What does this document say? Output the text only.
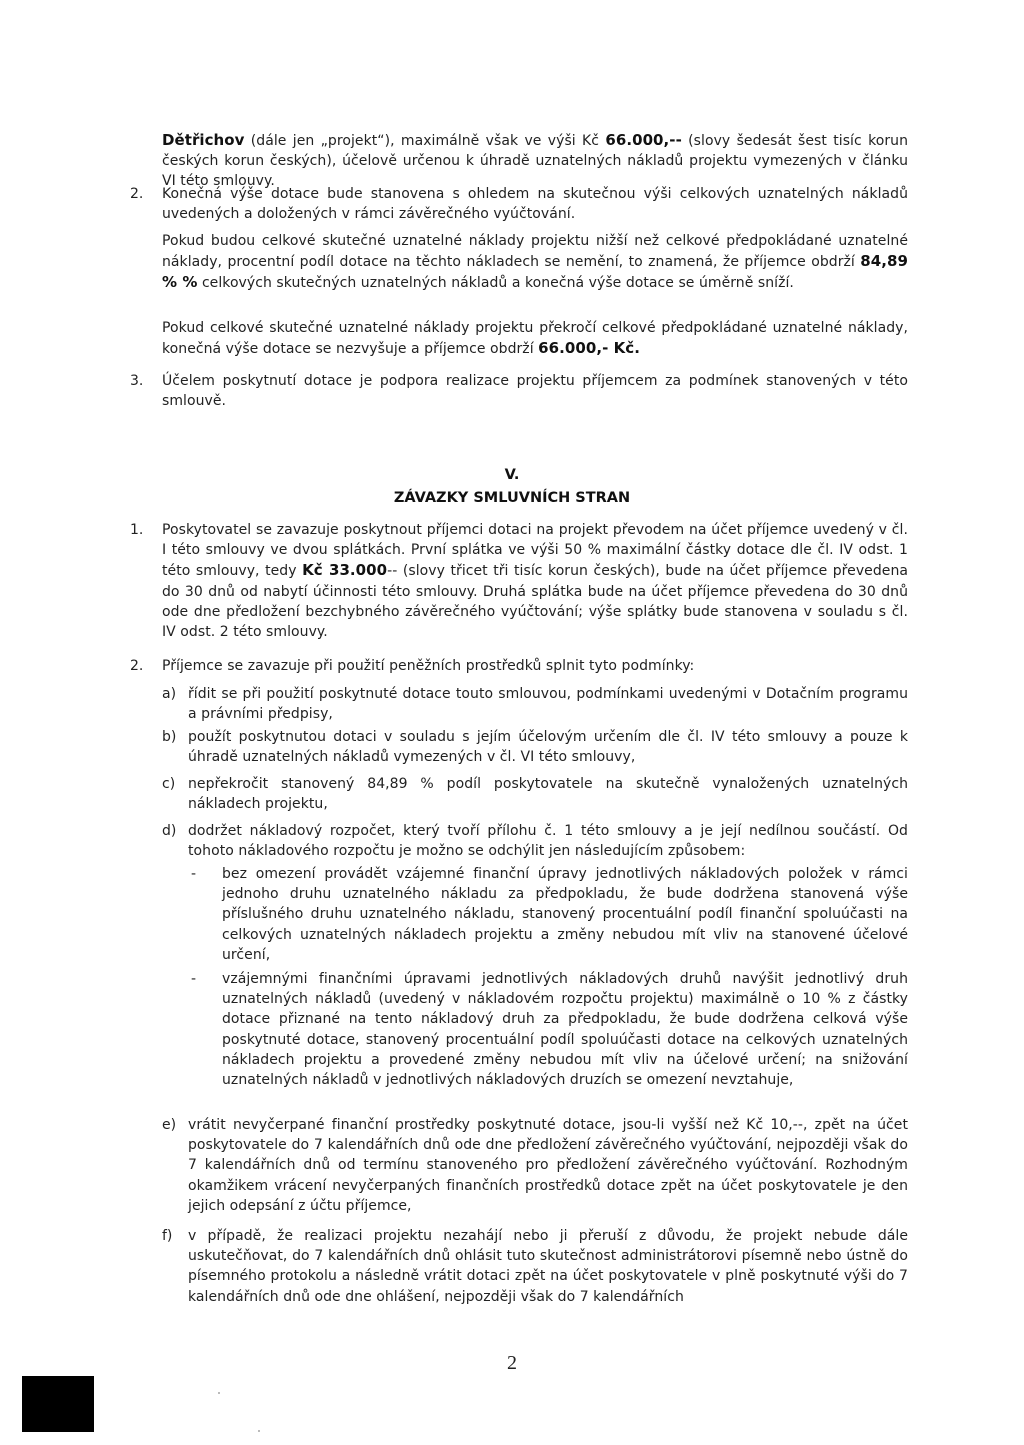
Dětřichov (dále jen „projekt“), maximálně však ve výši Kč 66.000,-- (slovy šedesát šest tisíc korun českých korun českých), účelově určenou k úhradě uznatelných nákladů projektu vymezených v článku VI této smlouvy.

2. Konečná výše dotace bude stanovena s ohledem na skutečnou výši celkových uznatelných nákladů uvedených a doložených v rámci závěrečného vyúčtování.

Pokud budou celkové skutečné uznatelné náklady projektu nižší než celkové předpokládané uznatelné náklady, procentní podíl dotace na těchto nákladech se nemění, to znamená, že příjemce obdrží 84,89 % % celkových skutečných uznatelných nákladů a konečná výše dotace se úměrně sníží.

Pokud celkové skutečné uznatelné náklady projektu překročí celkové předpokládané uznatelné náklady, konečná výše dotace se nezvyšuje a příjemce obdrží 66.000,- Kč.

3. Účelem poskytnutí dotace je podpora realizace projektu příjemcem za podmínek stanovených v této smlouvě.

V.
ZÁVAZKY SMLUVNÍCH STRAN
1. Poskytovatel se zavazuje poskytnout příjemci dotaci na projekt převodem na účet příjemce uvedený v čl. I této smlouvy ve dvou splátkách. První splátka ve výši 50 % maximální částky dotace dle čl. IV odst. 1 této smlouvy, tedy Kč 33.000-- (slovy třicet tři tisíc korun českých), bude na účet příjemce převedena do 30 dnů od nabytí účinnosti této smlouvy. Druhá splátka bude na účet příjemce převedena do 30 dnů ode dne předložení bezchybného závěrečného vyúčtování; výše splátky bude stanovena v souladu s čl. IV odst. 2 této smlouvy.

2. Příjemce se zavazuje při použití peněžních prostředků splnit tyto podmínky:

a) řídit se při použití poskytnuté dotace touto smlouvou, podmínkami uvedenými v Dotačním programu a právními předpisy,

b) použít poskytnutou dotaci v souladu s jejím účelovým určením dle čl. IV této smlouvy a pouze k úhradě uznatelných nákladů vymezených v čl. VI této smlouvy,

c) nepřekročit stanovený 84,89 % podíl poskytovatele na skutečně vynaložených uznatelných nákladech projektu,

d) dodržet nákladový rozpočet, který tvoří přílohu č. 1 této smlouvy a je její nedílnou součástí. Od tohoto nákladového rozpočtu je možno se odchýlit jen následujícím způsobem:

- bez omezení provádět vzájemné finanční úpravy jednotlivých nákladových položek v rámci jednoho druhu uznatelného nákladu za předpokladu, že bude dodržena stanovená výše příslušného druhu uznatelného nákladu, stanovený procentuální podíl finanční spoluúčasti na celkových uznatelných nákladech projektu a změny nebudou mít vliv na stanovené účelové určení,

- vzájemnými finančními úpravami jednotlivých nákladových druhů navýšit jednotlivý druh uznatelných nákladů (uvedený v nákladovém rozpočtu projektu) maximálně o 10 % z částky dotace přiznané na tento nákladový druh za předpokladu, že bude dodržena celková výše poskytnuté dotace, stanovený procentuální podíl spoluúčasti dotace na celkových uznatelných nákladech projektu a provedené změny nebudou mít vliv na účelové určení; na snižování uznatelných nákladů v jednotlivých nákladových druzích se omezení nevztahuje,

e) vrátit nevyčerpané finanční prostředky poskytnuté dotace, jsou-li vyšší než Kč 10,--, zpět na účet poskytovatele do 7 kalendářních dnů ode dne předložení závěrečného vyúčtování, nejpozději však do 7 kalendářních dnů od termínu stanoveného pro předložení závěrečného vyúčtování. Rozhodným okamžikem vrácení nevyčerpaných finančních prostředků dotace zpět na účet poskytovatele je den jejich odepsání z účtu příjemce,

f) v případě, že realizaci projektu nezahájí nebo ji přeruší z důvodu, že projekt nebude dále uskutečňovat, do 7 kalendářních dnů ohlásit tuto skutečnost administrátorovi písemně nebo ústně do písemného protokolu a následně vrátit dotaci zpět na účet poskytovatele v plně poskytnuté výši do 7 kalendářních dnů ode dne ohlášení, nejpozději však do 7 kalendářních

2
